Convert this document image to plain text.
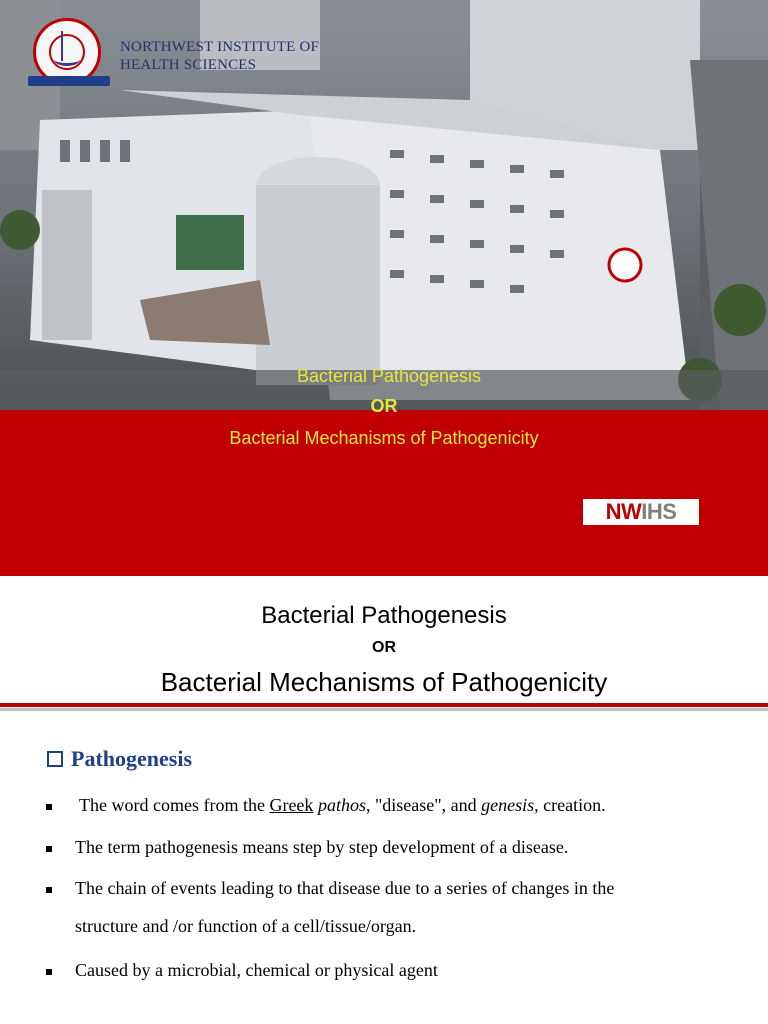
NORTHWEST INSTITUTE OF HEALTH SCIENCES
Bacterial Pathogenesis
OR
Bacterial Mechanisms of Pathogenicity
NWIHS
Bacterial Pathogenesis
OR
Bacterial Mechanisms of Pathogenicity
Pathogenesis
The word comes from the Greek pathos, "disease", and genesis, creation.
The term pathogenesis means step by step development of a disease.
The chain of events leading to that disease due to a series of changes in the
structure and /or function of a cell/tissue/organ.
Caused by a microbial, chemical or physical agent
